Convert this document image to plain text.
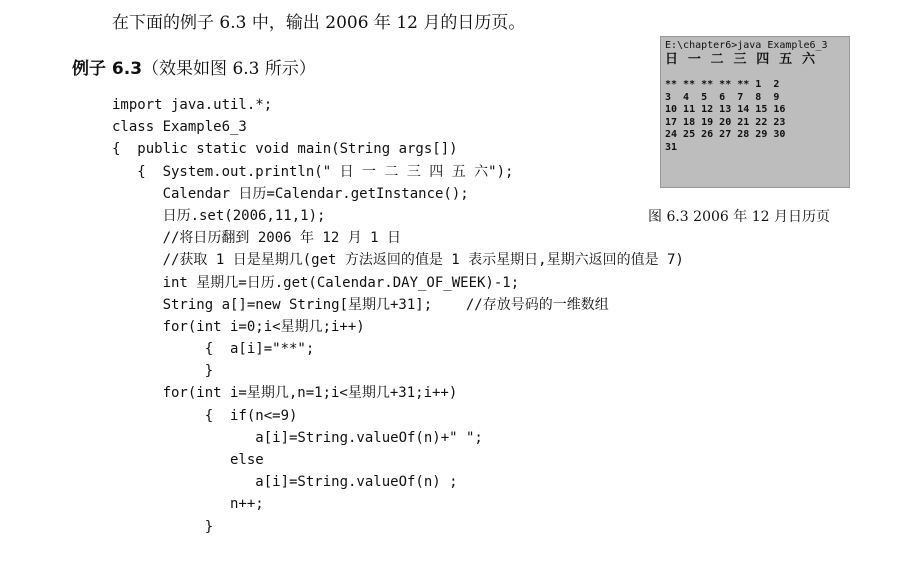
在下面的例子 6.3 中，输出 2006 年 12 月的日历页。
例子 6.3（效果如图 6.3 所示）
import java.util.*;
class Example6_3
{  public static void main(String args[])
{  System.out.println(" 日 一 二 三 四 五 六");
Calendar 日历=Calendar.getInstance();
日历.set(2006,11,1);
//将日历翻到 2006 年 12 月 1 日
//获取 1 日是星期几(get 方法返回的值是 1 表示星期日,星期六返回的值是 7)
int 星期几=日历.get(Calendar.DAY_OF_WEEK)-1;
String a[]=new String[星期几+31];    //存放号码的一维数组
for(int i=0;i<星期几;i++)
{  a[i]="**";
}
for(int i=星期几,n=1;i<星期几+31;i++)
{  if(n<=9)
a[i]=String.valueOf(n)+" ";
else
a[i]=String.valueOf(n) ;
n++;
}
E:\chapter6>java Example6_3
日 一 二 三 四 五 六
** ** ** ** ** 1  2
3  4  5  6  7  8  9
10 11 12 13 14 15 16
17 18 19 20 21 22 23
24 25 26 27 28 29 30
31
图 6.3 2006 年 12 月日历页
